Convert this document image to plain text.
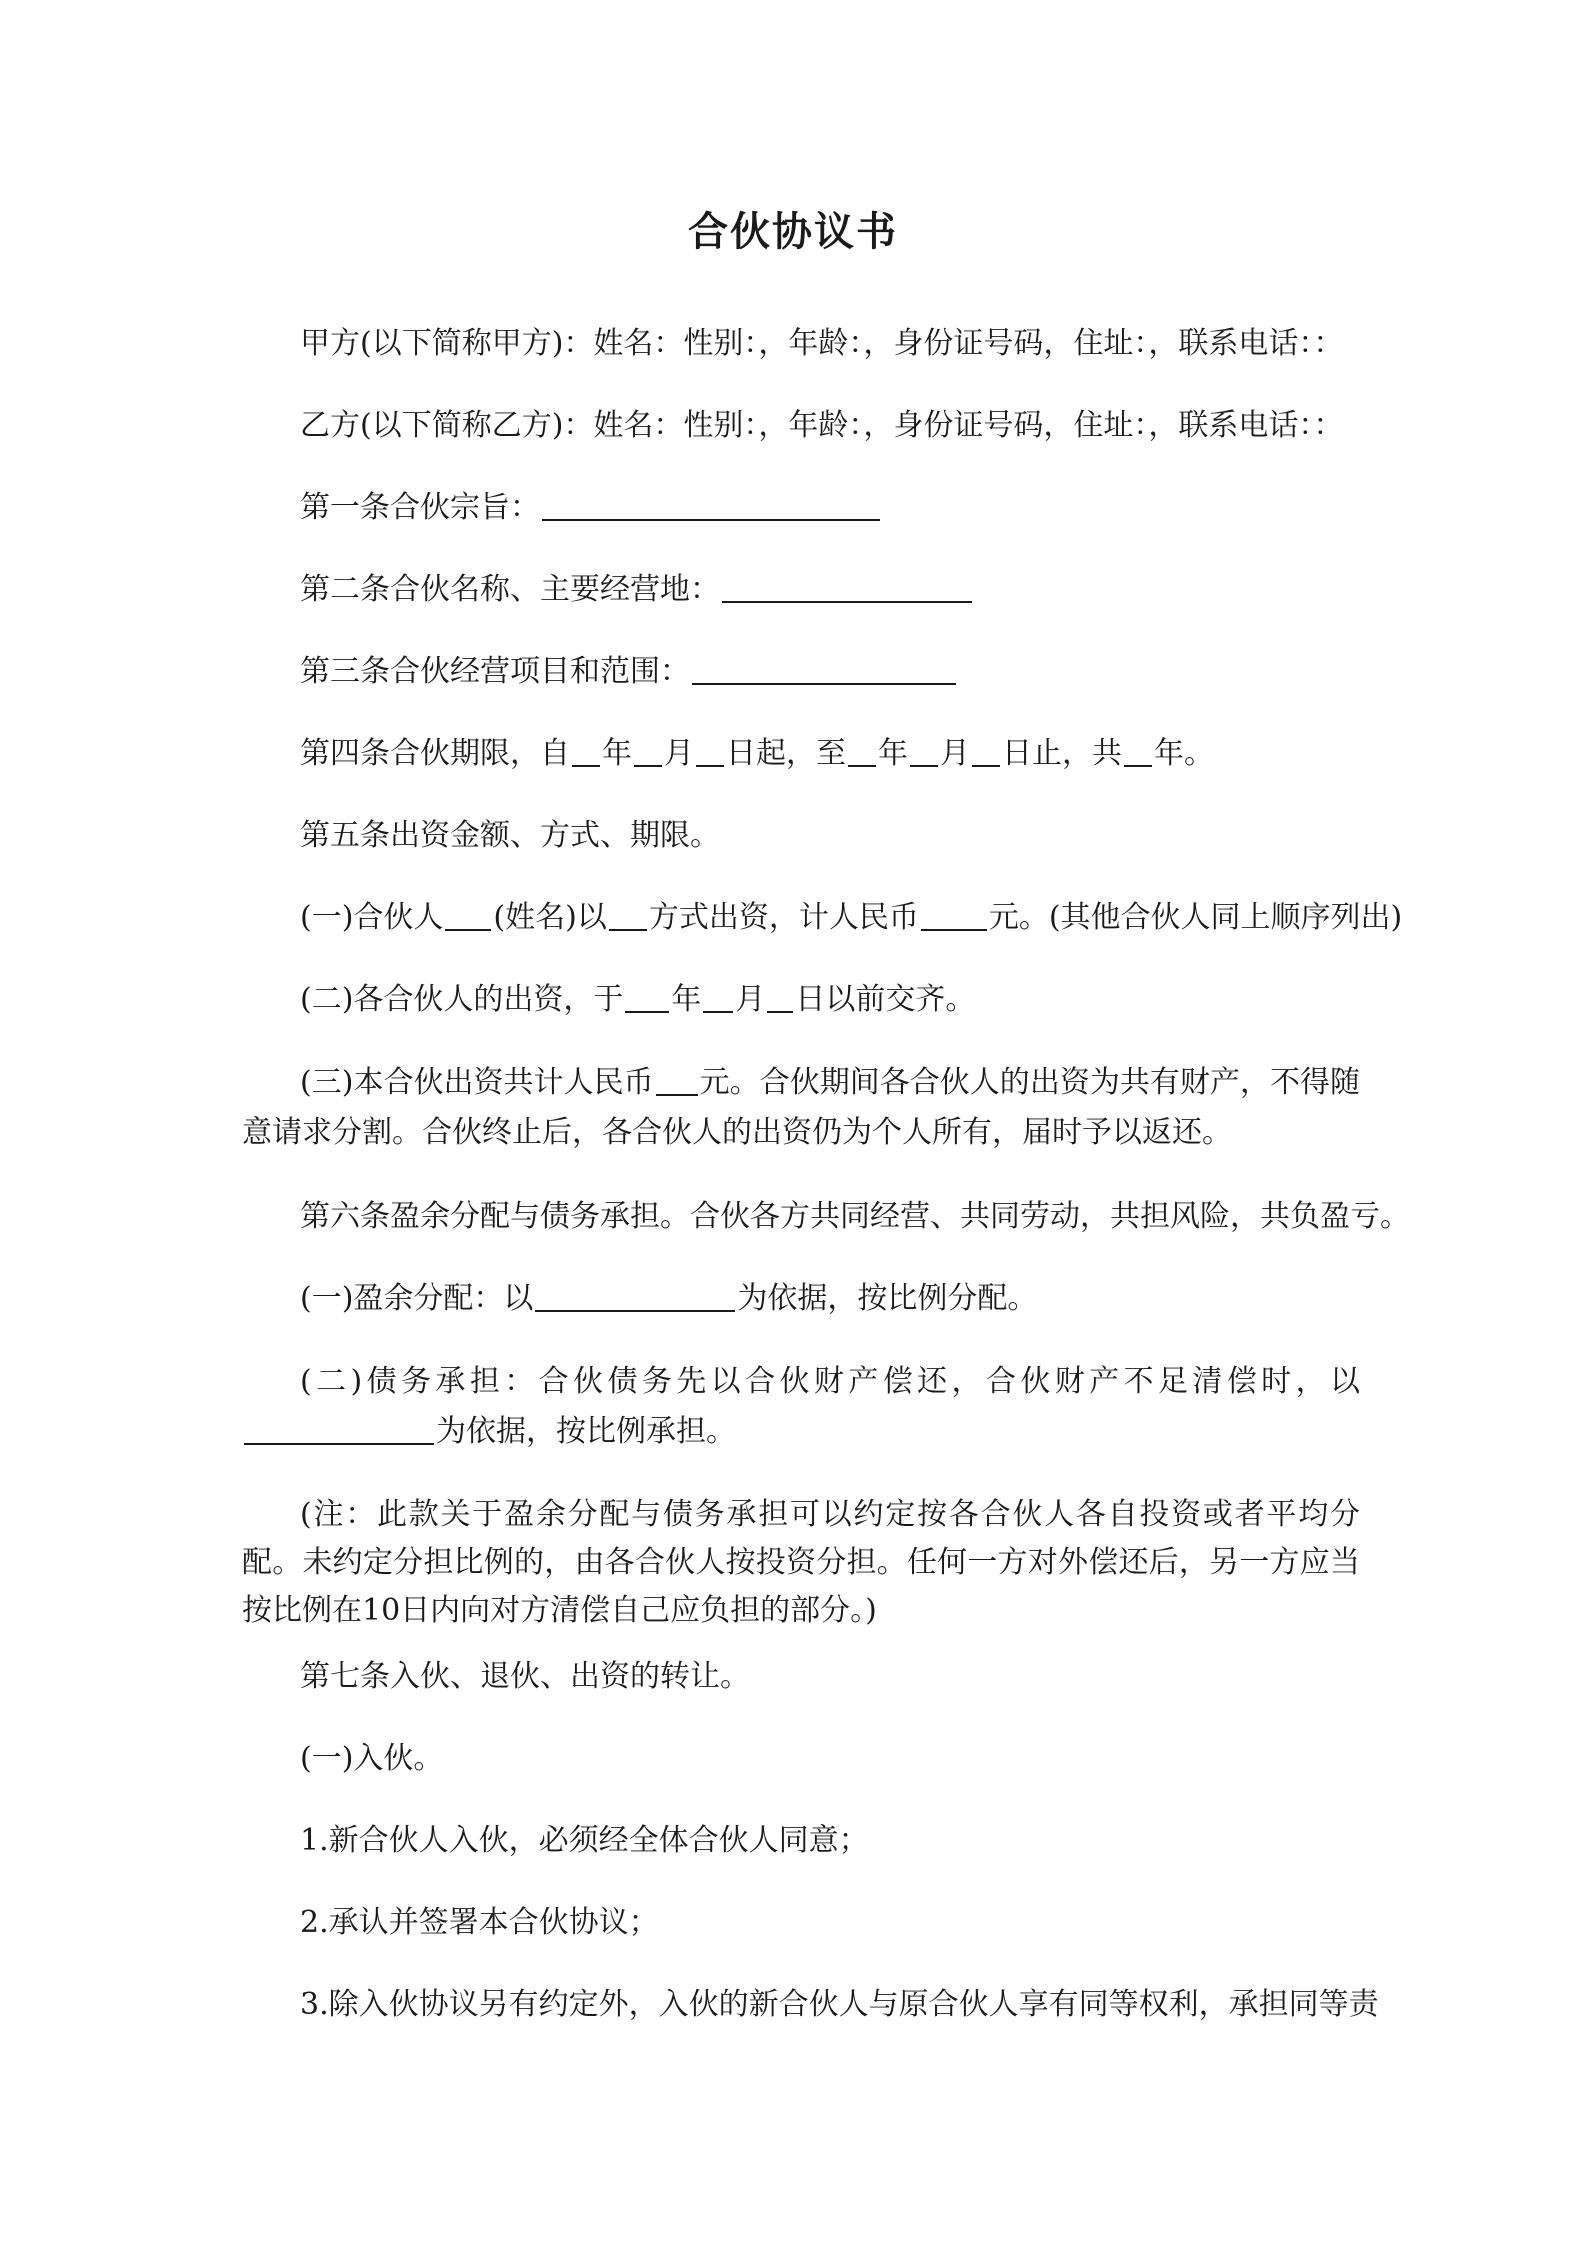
合伙协议书
甲方(以下简称甲方)：姓名：性别：，年龄：，身份证号码，住址：，联系电话：：
乙方(以下简称乙方)：姓名：性别：，年龄：，身份证号码，住址：，联系电话：：
第一条合伙宗旨：
第二条合伙名称、主要经营地：
第三条合伙经营项目和范围：
第四条合伙期限，自 年 月 日起，至 年 月 日止，共 年。
第五条出资金额、方式、期限。
(一)合伙人 (姓名)以 方式出资，计人民币 元。(其他合伙人同上顺序列出)
(二)各合伙人的出资，于 年 月 日以前交齐。
(三)本合伙出资共计人民币 元。合伙期间各合伙人的出资为共有财产，不得随意请求分割。合伙终止后，各合伙人的出资仍为个人所有，届时予以返还。
第六条盈余分配与债务承担。合伙各方共同经营、共同劳动，共担风险，共负盈亏。
(一)盈余分配：以	为依据，按比例分配。
(二)债务承担：合伙债务先以合伙财产偿还，合伙财产不足清偿时，以为依据，按比例承担。
(注：此款关于盈余分配与债务承担可以约定按各合伙人各自投资或者平均分配。未约定分担比例的，由各合伙人按投资分担。任何一方对外偿还后，另一方应当按比例在10日内向对方清偿自己应负担的部分。)
第七条入伙、退伙、出资的转让。
(一)入伙。
1.新合伙人入伙，必须经全体合伙人同意；
2.承认并签署本合伙协议；
3.除入伙协议另有约定外，入伙的新合伙人与原合伙人享有同等权利，承担同等责
